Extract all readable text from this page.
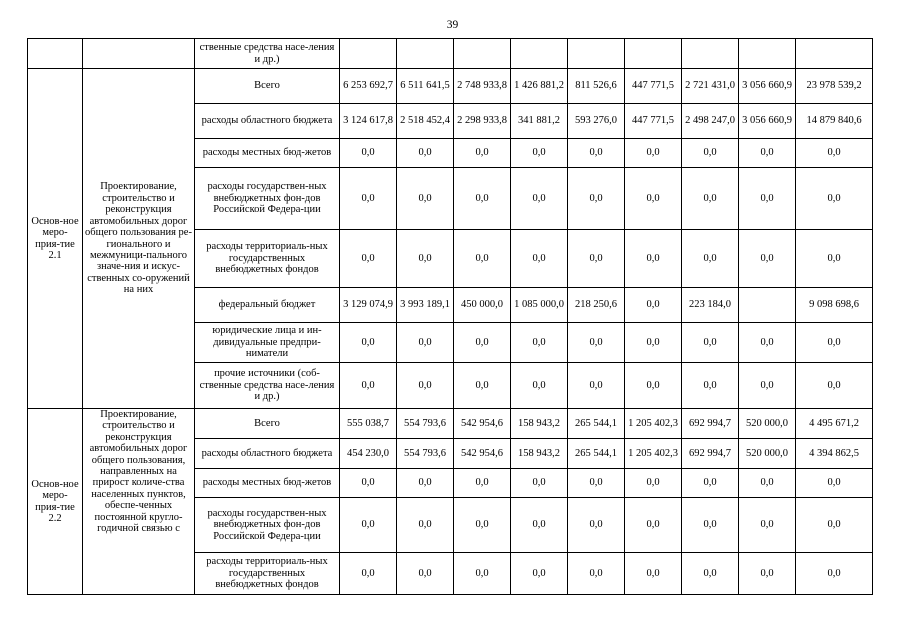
39
		ственные средства насе-ления и др.)									
Основ-ное меро-прия-тие 2.1	Проектирование, строительство и реконструкция автомобильных дорог общего пользования ре-гионального и межмуници-пального значе-ния и искус-ственных со-оружений на них	Всего	6 253 692,7	6 511 641,5	2 748 933,8	1 426 881,2	811 526,6	447 771,5	2 721 431,0	3 056 660,9	23 978 539,2
		расходы областного бюджета	3 124 617,8	2 518 452,4	2 298 933,8	341 881,2	593 276,0	447 771,5	2 498 247,0	3 056 660,9	14 879 840,6
		расходы местных бюд-жетов	0,0	0,0	0,0	0,0	0,0	0,0	0,0	0,0	0,0
		расходы государствен-ных внебюджетных фон-дов Российской Федера-ции	0,0	0,0	0,0	0,0	0,0	0,0	0,0	0,0	0,0
		расходы территориаль-ных государственных внебюджетных фондов	0,0	0,0	0,0	0,0	0,0	0,0	0,0	0,0	0,0
		федеральный бюджет	3 129 074,9	3 993 189,1	450 000,0	1 085 000,0	218 250,6	0,0	223 184,0		9 098 698,6
		юридические лица и ин-дивидуальные предпри-ниматели	0,0	0,0	0,0	0,0	0,0	0,0	0,0	0,0	0,0
		прочие источники (соб-ственные средства насе-ления и др.)	0,0	0,0	0,0	0,0	0,0	0,0	0,0	0,0	0,0
Основ-ное меро-прия-тие 2.2	Проектирование, строительство и реконструкция автомобильных дорог общего пользования, направленных на прирост количе-ства населенных пунктов, обеспе-ченных постоянной кругло-годичной связью с	Всего	555 038,7	554 793,6	542 954,6	158 943,2	265 544,1	1 205 402,3	692 994,7	520 000,0	4 495 671,2
		расходы областного бюджета	454 230,0	554 793,6	542 954,6	158 943,2	265 544,1	1 205 402,3	692 994,7	520 000,0	4 394 862,5
		расходы местных бюд-жетов	0,0	0,0	0,0	0,0	0,0	0,0	0,0	0,0	0,0
		расходы государствен-ных внебюджетных фон-дов Российской Федера-ции	0,0	0,0	0,0	0,0	0,0	0,0	0,0	0,0	0,0
		расходы территориаль-ных государственных внебюджетных фондов	0,0	0,0	0,0	0,0	0,0	0,0	0,0	0,0	0,0
